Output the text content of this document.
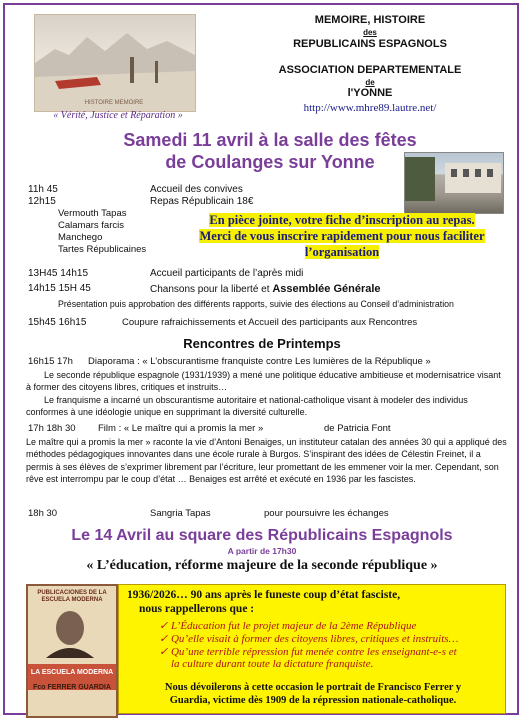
HISTOIRE MEMOIRE
« Vérité, Justice et Réparation »
MEMOIRE, HISTOIRE
des
REPUBLICAINS ESPAGNOLS
ASSOCIATION DEPARTEMENTALE
de
l'YONNE
http://www.mhre89.lautre.net/
Samedi 11 avril à la salle des fêtes
de Coulanges sur Yonne
11h 45	Accueil des convives
12h15	Repas Républicain 18€
Vermouth Tapas
Calamars farcis
Manchego
Tartes Républicaines
En pièce jointe, votre fiche d’inscription au repas.
Merci de vous inscrire rapidement pour nous faciliter
l’organisation
13H45 14h15	Accueil participants de l’après midi
14h15 15H 45	Chansons pour la liberté et Assemblée Générale
Présentation puis approbation des différents rapports, suivie des élections au Conseil d’administration
15h45 16h15	Coupure rafraichissements et Accueil des participants aux Rencontres
Rencontres de Printemps
16h15 17h Diaporama : « L’obscurantisme franquiste contre Les lumières de la République »
Le seconde république espagnole (1931/1939) a mené une politique éducative ambitieuse et modernisatrice visant à former des citoyens libres, critiques et instruits…
Le franquisme a incarné un obscurantisme autoritaire et national-catholique visant à modeler des individus conformes à une idéologie unique en supprimant la diversité culturelle.
17h 18h 30 Film : « Le maître qui a promis la mer »	de Patricia Font
Le maître qui a promis la mer » raconte la vie d’Antoni Benaiges, un instituteur catalan des années 30 qui a appliqué des méthodes pédagogiques innovantes dans une école rurale à Burgos. S’inspirant des idées de Célestin Freinet, il a permis à ses élèves de s’exprimer librement par l’écriture, leur promettant de les emmener voir la mer. Cependant, son rêve est interrompu par le coup d’état … Benaiges est arrêté et exécuté en 1936 par les fascistes.
18h 30	Sangria Tapas	pour poursuivre les échanges
Le 14 Avril au square des Républicains Espagnols
A partir de 17h30
« L’éducation, réforme majeure de la seconde république »
PUBLICACIONES DE LA ESCUELA MODERNA
LA ESCUELA MODERNA
Fco FERRER GUARDIA
1936/2026… 90 ans après le funeste coup d’état fasciste,
nous rappellerons que :
✓ L’Éducation fut le projet majeur de la 2ème République
✓ Qu’elle visait à former des citoyens libres, critiques et instruits…
✓ Qu’une terrible répression fut menée contre les enseignant-e-s et
la culture durant toute la dictature franquiste.
Nous dévoilerons à cette occasion le portrait de Francisco Ferrer y
Guardia, victime dès 1909 de la répression nationale-catholique.
